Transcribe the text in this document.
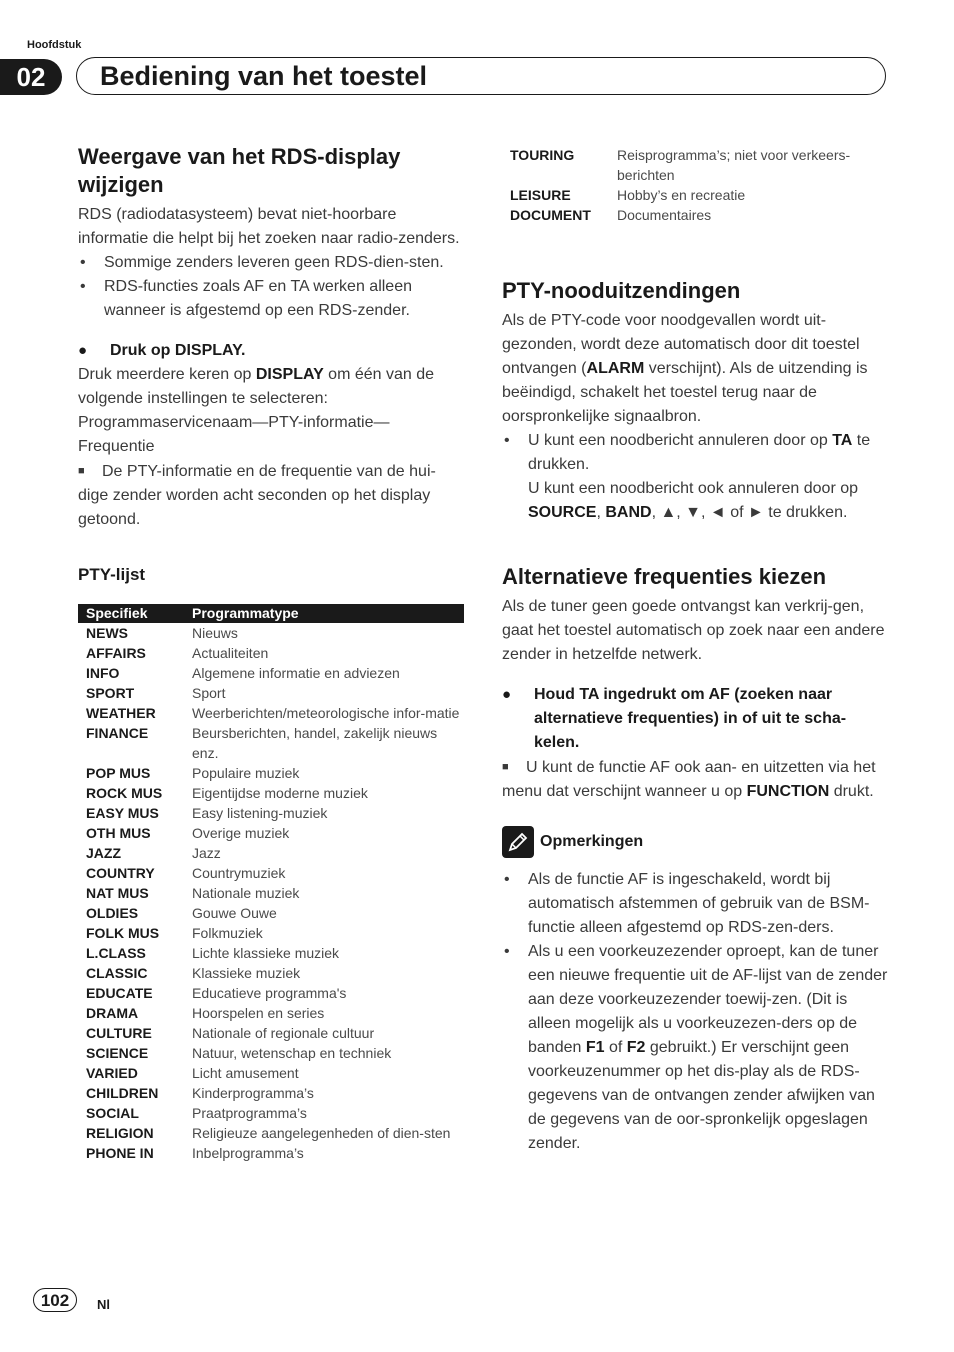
Hoofdstuk
02	Bediening van het toestel
Weergave van het RDS-display wijzigen

RDS (radiodatasysteem) bevat niet-hoorbare informatie die helpt bij het zoeken naar radio-zenders.

• Sommige zenders leveren geen RDS-dien-sten.
• RDS-functies zoals AF en TA werken alleen wanneer is afgestemd op een RDS-zender.
● Druk op DISPLAY.

Druk meerdere keren op DISPLAY om één van de volgende instellingen te selecteren: Programmaservicenaam—PTY-informatie—Frequentie

■ De PTY-informatie en de frequentie van de hui-dige zender worden acht seconden op het display getoond.

PTY-lijst
Specifiek	Programmatype
NEWS	Nieuws
AFFAIRS	Actualiteiten
INFO	Algemene informatie en adviezen
SPORT	Sport
WEATHER	Weerberichten/meteorologische infor-matie
FINANCE	Beursberichten, handel, zakelijk nieuws enz.
POP MUS	Populaire muziek
ROCK MUS	Eigentijdse moderne muziek
EASY MUS	Easy listening-muziek
OTH MUS	Overige muziek
JAZZ	Jazz
COUNTRY	Countrymuziek
NAT MUS	Nationale muziek
OLDIES	Gouwe Ouwe
FOLK MUS	Folkmuziek
L.CLASS	Lichte klassieke muziek
CLASSIC	Klassieke muziek
EDUCATE	Educatieve programma's
DRAMA	Hoorspelen en series
CULTURE	Nationale of regionale cultuur
SCIENCE	Natuur, wetenschap en techniek
VARIED	Licht amusement
CHILDREN	Kinderprogramma’s
SOCIAL	Praatprogramma’s
RELIGION	Religieuze aangelegenheden of dien-sten
PHONE IN	Inbelprogramma’s
TOURING	Reisprogramma’s; niet voor verkeers-berichten
LEISURE	Hobby’s en recreatie
DOCUMENT	Documentaires
PTY-nooduitzendingen

Als de PTY-code voor noodgevallen wordt uit-gezonden, wordt deze automatisch door dit toestel ontvangen (ALARM verschijnt). Als de uitzending is beëindigd, schakelt het toestel terug naar de oorspronkelijke signaalbron.

• U kunt een noodbericht annuleren door op TA te drukken.
U kunt een noodbericht ook annuleren door op SOURCE, BAND, ▲, ▼, ◄ of ► te drukken.
Alternatieve frequenties kiezen

Als de tuner geen goede ontvangst kan verkrij-gen, gaat het toestel automatisch op zoek naar een andere zender in hetzelfde netwerk.

● Houd TA ingedrukt om AF (zoeken naar alternatieve frequenties) in of uit te scha-kelen.

■ U kunt de functie AF ook aan- en uitzetten via het menu dat verschijnt wanneer u op FUNCTION drukt.

Opmerkingen
• Als de functie AF is ingeschakeld, wordt bij automatisch afstemmen of gebruik van de BSM-functie alleen afgestemd op RDS-zen-ders.
• Als u een voorkeuzezender oproept, kan de tuner een nieuwe frequentie uit de AF-lijst van de zender aan deze voorkeuzezender toewij-zen. (Dit is alleen mogelijk als u voorkeuzezen-ders op de banden F1 of F2 gebruikt.) Er verschijnt geen voorkeuzenummer op het dis-play als de RDS-gegevens van de ontvangen zender afwijken van de gegevens van de oor-spronkelijk opgeslagen zender.
102	Nl
